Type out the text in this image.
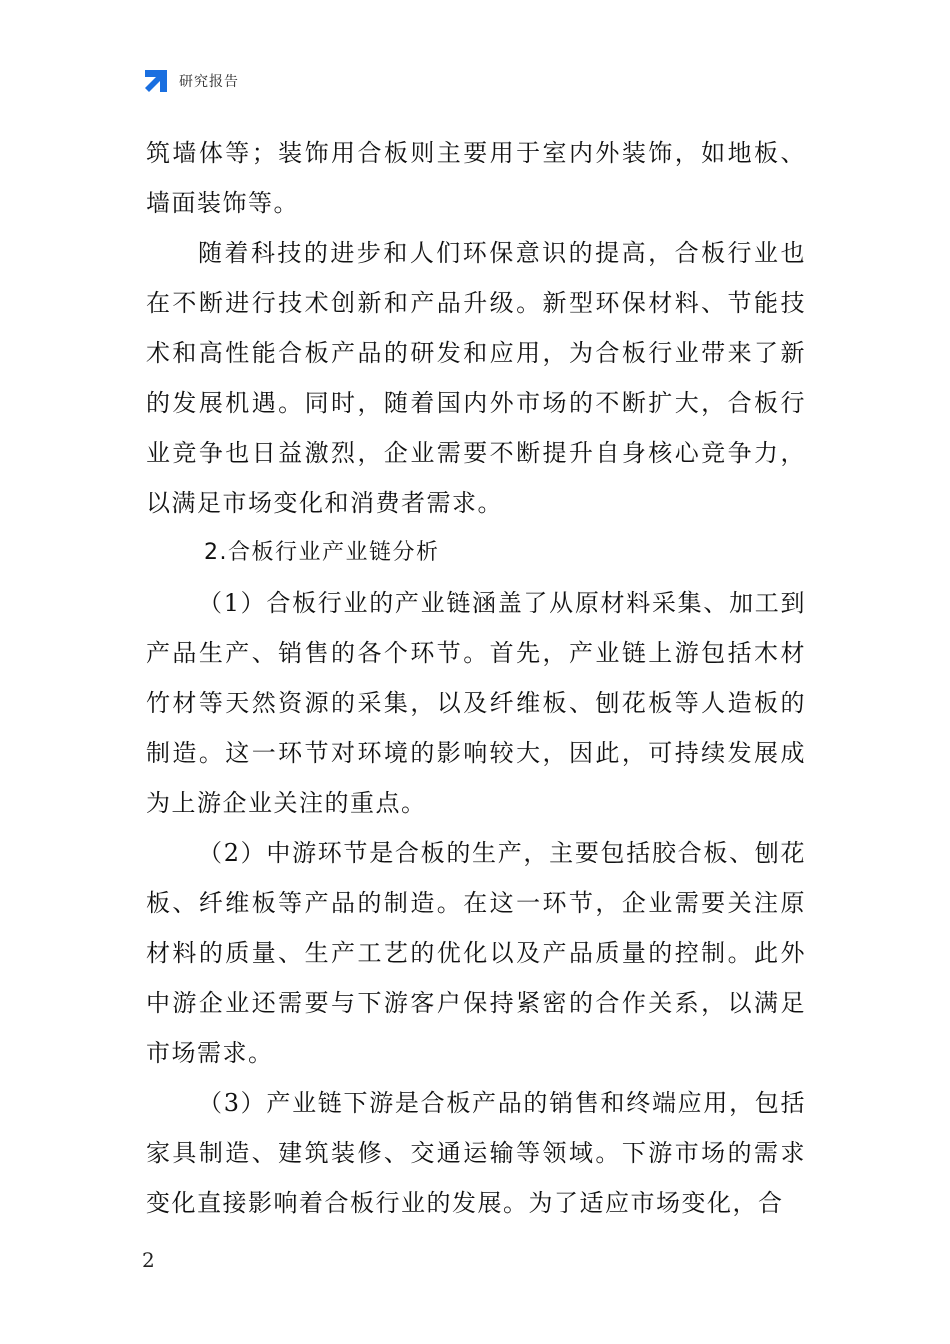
研究报告

筑墙体等；装饰用合板则主要用于室内外装饰，如地板、墙面装饰等。

随着科技的进步和人们环保意识的提高，合板行业也在不断进行技术创新和产品升级。新型环保材料、节能技术和高性能合板产品的研发和应用，为合板行业带来了新的发展机遇。同时，随着国内外市场的不断扩大，合板行业竞争也日益激烈，企业需要不断提升自身核心竞争力，以满足市场变化和消费者需求。

2.合板行业产业链分析

（1）合板行业的产业链涵盖了从原材料采集、加工到产品生产、销售的各个环节。首先，产业链上游包括木材竹材等天然资源的采集，以及纤维板、刨花板等人造板的制造。这一环节对环境的影响较大，因此，可持续发展成为上游企业关注的重点。

（2）中游环节是合板的生产，主要包括胶合板、刨花板、纤维板等产品的制造。在这一环节，企业需要关注原材料的质量、生产工艺的优化以及产品质量的控制。此外中游企业还需要与下游客户保持紧密的合作关系，以满足市场需求。

（3）产业链下游是合板产品的销售和终端应用，包括家具制造、建筑装修、交通运输等领域。下游市场的需求变化直接影响着合板行业的发展。为了适应市场变化，合

2
